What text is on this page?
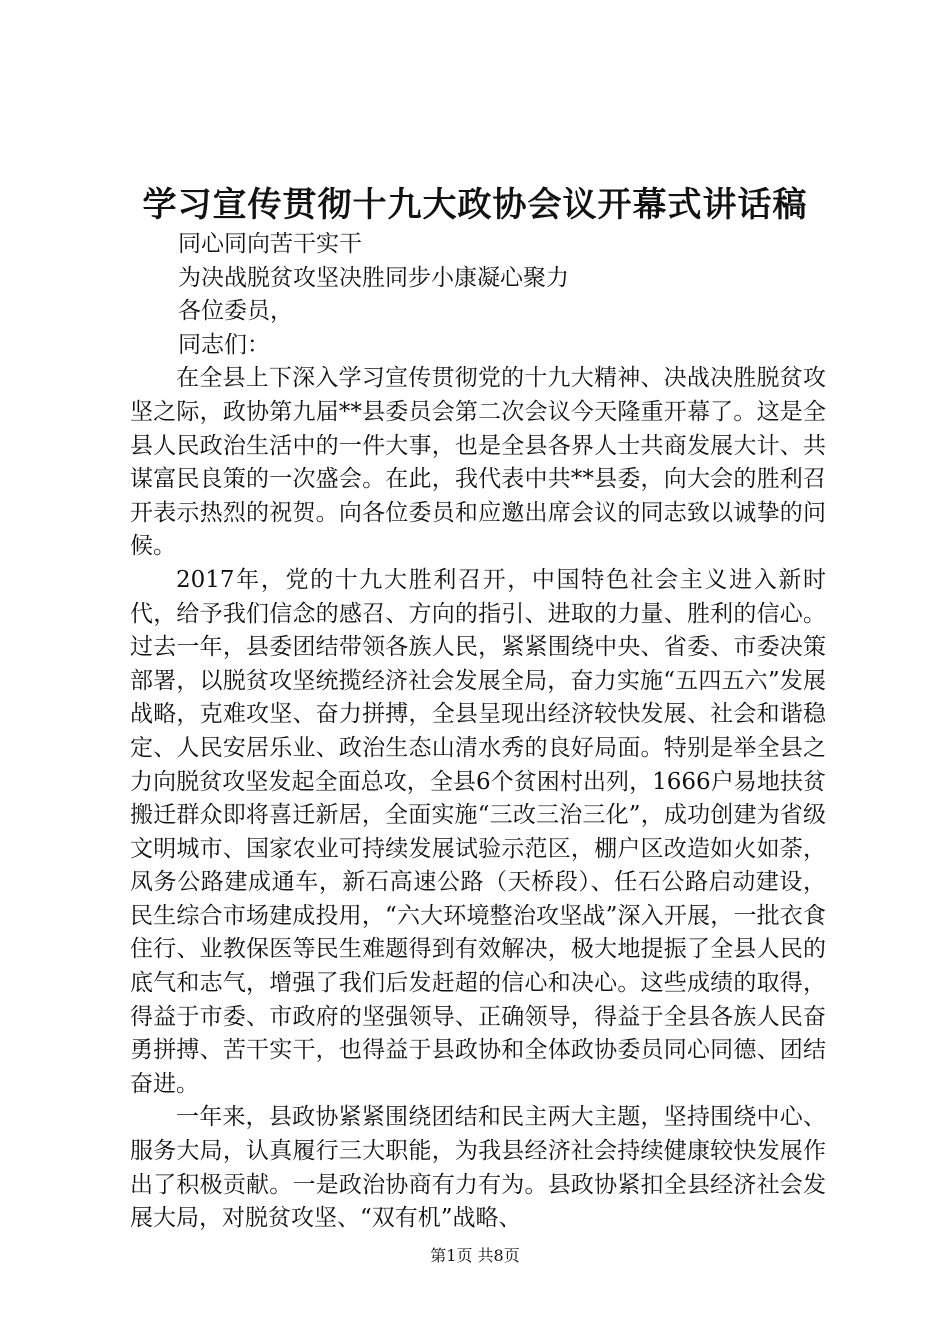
学习宣传贯彻十九大政协会议开幕式讲话稿

同心同向苦干实干

为决战脱贫攻坚决胜同步小康凝心聚力

各位委员，

同志们：

在全县上下深入学习宣传贯彻党的十九大精神、决战决胜脱贫攻坚之际，政协第九届**县委员会第二次会议今天隆重开幕了。这是全县人民政治生活中的一件大事，也是全县各界人士共商发展大计、共谋富民良策的一次盛会。在此，我代表中共**县委，向大会的胜利召开表示热烈的祝贺。向各位委员和应邀出席会议的同志致以诚挚的问候。

2017年，党的十九大胜利召开，中国特色社会主义进入新时代，给予我们信念的感召、方向的指引、进取的力量、胜利的信心。过去一年，县委团结带领各族人民，紧紧围绕中央、省委、市委决策部署，以脱贫攻坚统揽经济社会发展全局，奋力实施“五四五六”发展战略，克难攻坚、奋力拼搏，全县呈现出经济较快发展、社会和谐稳定、人民安居乐业、政治生态山清水秀的良好局面。特别是举全县之力向脱贫攻坚发起全面总攻，全县6个贫困村出列，1666户易地扶贫搬迁群众即将喜迁新居，全面实施“三改三治三化”，成功创建为省级文明城市、国家农业可持续发展试验示范区，棚户区改造如火如荼，凤务公路建成通车，新石高速公路（天桥段）、任石公路启动建设，民生综合市场建成投用，“六大环境整治攻坚战”深入开展，一批衣食住行、业教保医等民生难题得到有效解决，极大地提振了全县人民的底气和志气，增强了我们后发赶超的信心和决心。这些成绩的取得，得益于市委、市政府的坚强领导、正确领导，得益于全县各族人民奋勇拼搏、苦干实干，也得益于县政协和全体政协委员同心同德、团结奋进。

一年来，县政协紧紧围绕团结和民主两大主题，坚持围绕中心、服务大局，认真履行三大职能，为我县经济社会持续健康较快发展作出了积极贡献。一是政治协商有力有为。县政协紧扣全县经济社会发展大局，对脱贫攻坚、“双有机”战略、

第1页 共8页
